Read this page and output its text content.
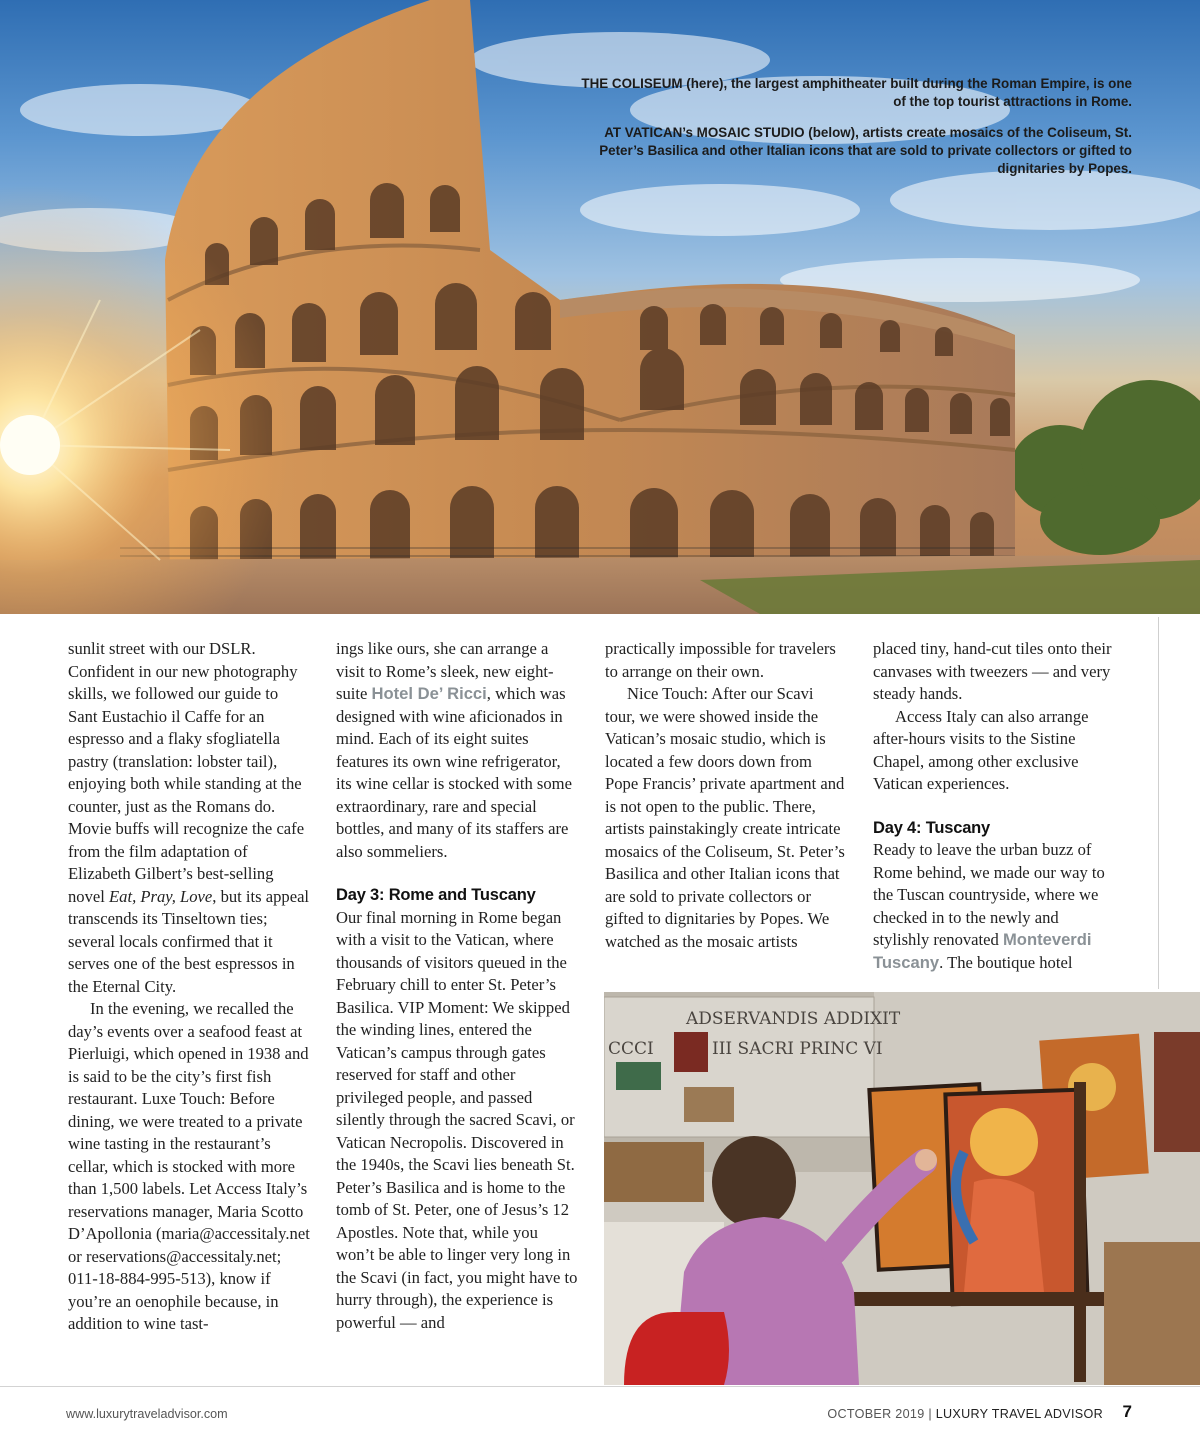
THE COLISEUM (here), the largest amphitheater built during the Roman Empire, is one of the top tourist attractions in Rome.
AT VATICAN’s MOSAIC STUDIO (below), artists create mosaics of the Coliseum, St. Peter’s Basilica and other Italian icons that are sold to private collectors or gifted to dignitaries by Popes.

sunlit street with our DSLR. Confident in our new photography skills, we followed our guide to Sant Eustachio il Caffe for an espresso and a flaky sfogliatella pastry (translation: lobster tail), enjoying both while standing at the counter, just as the Romans do. Movie buffs will recognize the cafe from the film adaptation of Elizabeth Gilbert’s best-selling novel Eat, Pray, Love, but its appeal transcends its Tinseltown ties; several locals confirmed that it serves one of the best espressos in the Eternal City.

In the evening, we recalled the day’s events over a seafood feast at Pierluigi, which opened in 1938 and is said to be the city’s first fish restaurant. Luxe Touch: Before dining, we were treated to a private wine tasting in the restaurant’s cellar, which is stocked with more than 1,500 labels. Let Access Italy’s reservations manager, Maria Scotto D’Apollonia (maria@accessitaly.net or reservations@accessitaly.net; 011-18-884-995-513), know if you’re an oenophile because, in addition to wine tast-

ings like ours, she can arrange a visit to Rome’s sleek, new eight-suite Hotel De’ Ricci, which was designed with wine aficionados in mind. Each of its eight suites features its own wine refrigerator, its wine cellar is stocked with some extraordinary, rare and special bottles, and many of its staffers are also sommeliers.

Day 3: Rome and Tuscany

Our final morning in Rome began with a visit to the Vatican, where thousands of visitors queued in the February chill to enter St. Peter’s Basilica. VIP Moment: We skipped the winding lines, entered the Vatican’s campus through gates reserved for staff and other privileged people, and passed silently through the sacred Scavi, or Vatican Necropolis. Discovered in the 1940s, the Scavi lies beneath St. Peter’s Basilica and is home to the tomb of St. Peter, one of Jesus’s 12 Apostles. Note that, while you won’t be able to linger very long in the Scavi (in fact, you might have to hurry through), the experience is powerful — and

practically impossible for travelers to arrange on their own.

Nice Touch: After our Scavi tour, we were showed inside the Vatican’s mosaic studio, which is located a few doors down from Pope Francis’ private apartment and is not open to the public. There, artists painstakingly create intricate mosaics of the Coliseum, St. Peter’s Basilica and other Italian icons that are sold to private collectors or gifted to dignitaries by Popes. We watched as the mosaic artists

placed tiny, hand-cut tiles onto their canvases with tweezers — and very steady hands.

Access Italy can also arrange after-hours visits to the Sistine Chapel, among other exclusive Vatican experiences.

Day 4: Tuscany

Ready to leave the urban buzz of Rome behind, we made our way to the Tuscan countryside, where we checked in to the newly and stylishly renovated Monteverdi Tuscany. The boutique hotel

ADSERVANDIS ADDIXIT
CCCI	III SACRI PRINC VI
www.luxurytraveladvisor.com	OCTOBER 2019 | LUXURY TRAVEL ADVISOR 7
